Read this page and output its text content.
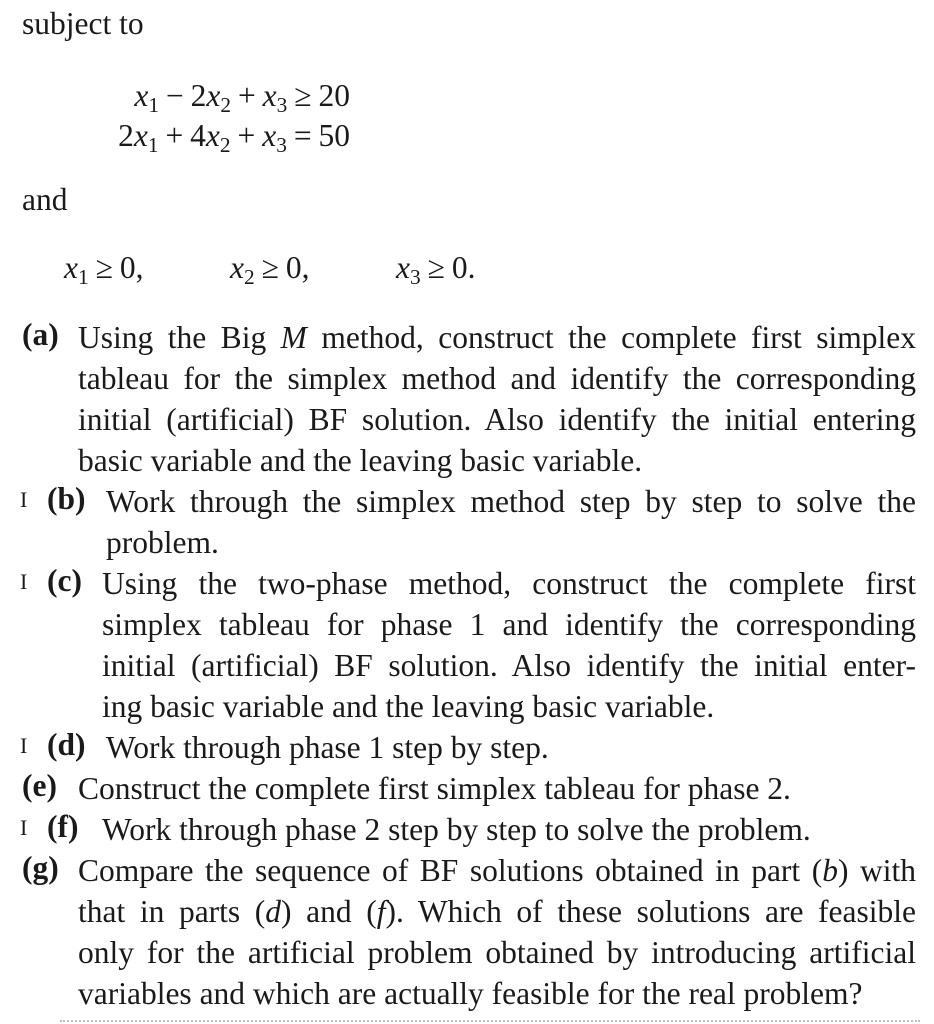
subject to
$x_1 - 2x_2 + x_3 \ge 20$
$2x_1 + 4x_2 + x_3 = 50$
and
$x_1 \ge 0$,	$x_2 \ge 0$,	$x_3 \ge 0$.
(a) Using the Big M method, construct the complete first simplex
tableau for the simplex method and identify the corresponding
initial (artificial) BF solution. Also identify the initial entering
basic variable and the leaving basic variable.
I (b) Work through the simplex method step by step to solve the
problem.
I (c) Using the two-phase method, construct the complete first
simplex tableau for phase 1 and identify the corresponding
initial (artificial) BF solution. Also identify the initial enter-
ing basic variable and the leaving basic variable.
I (d) Work through phase 1 step by step.
(e) Construct the complete first simplex tableau for phase 2.
I (f) Work through phase 2 step by step to solve the problem.
(g) Compare the sequence of BF solutions obtained in part (b) with
that in parts (d) and (f). Which of these solutions are feasible
only for the artificial problem obtained by introducing artificial
variables and which are actually feasible for the real problem?
